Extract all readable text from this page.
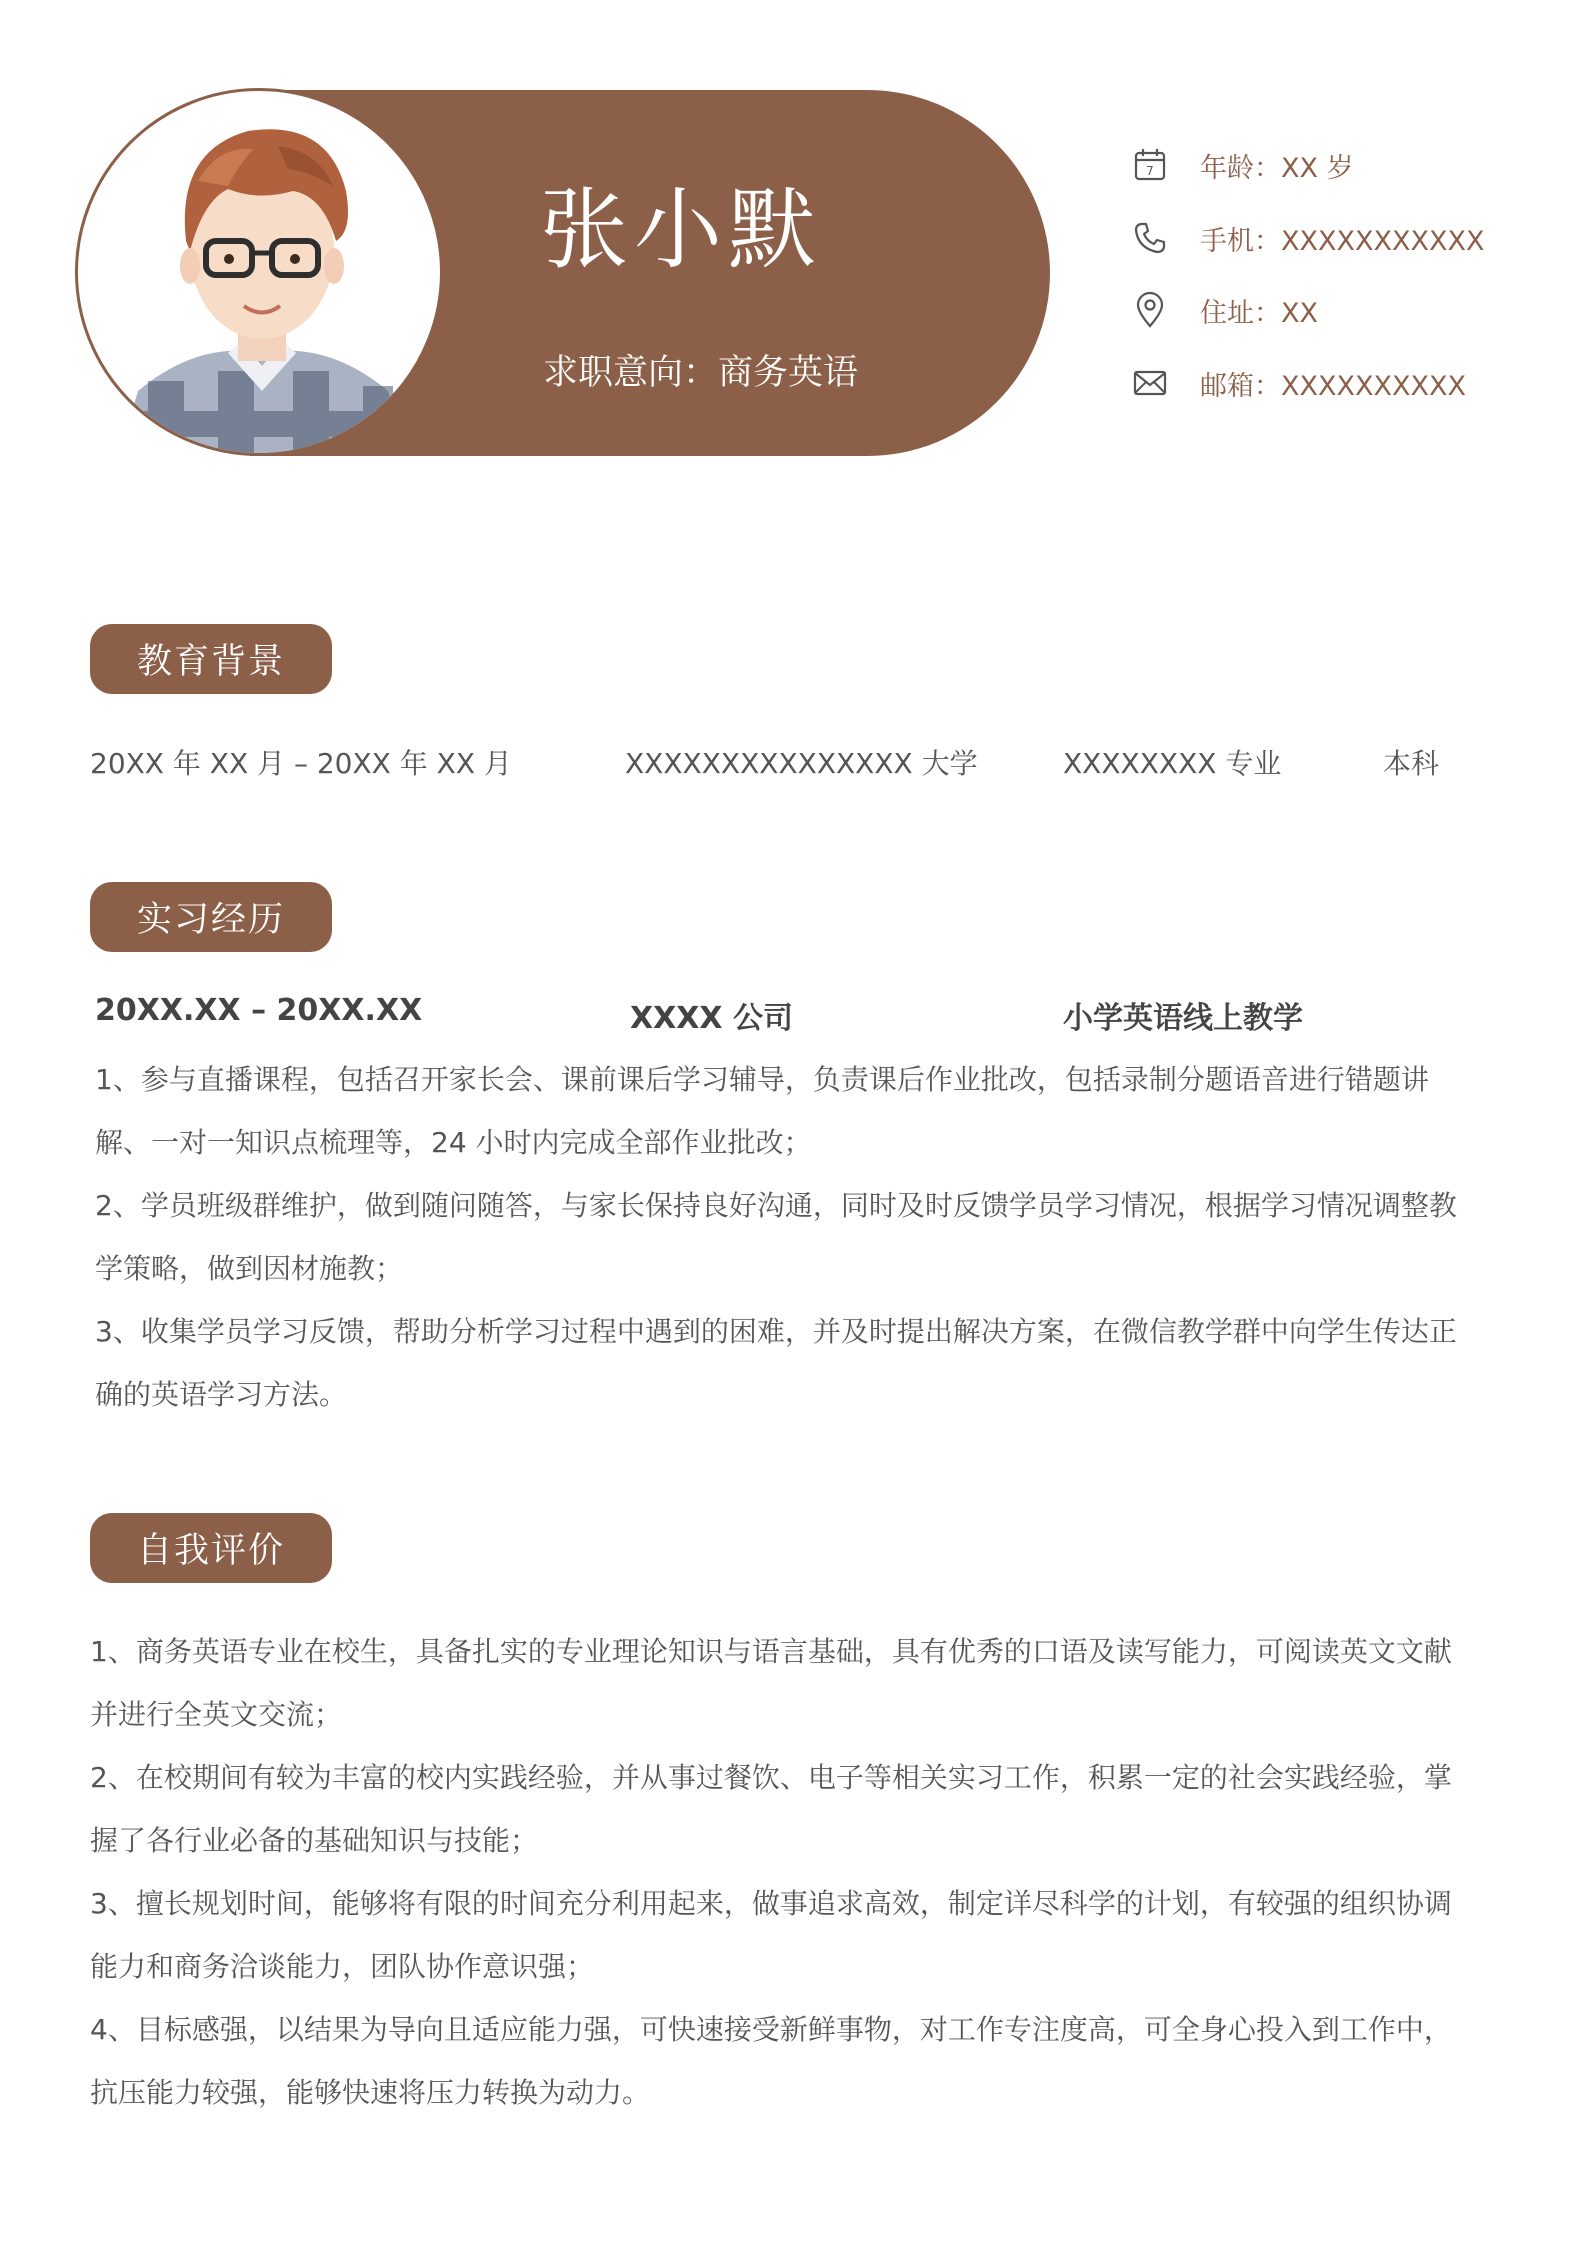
张小默
求职意向：商务英语
7 年龄：XX 岁
手机：XXXXXXXXXXX
住址：XX
邮箱：XXXXXXXXXX
教育背景
20XX 年 XX 月 – 20XX 年 XX 月	XXXXXXXXXXXXXXX 大学	XXXXXXXX 专业	本科
实习经历
20XX.XX – 20XX.XX	XXXX 公司	小学英语线上教学

1、参与直播课程，包括召开家长会、课前课后学习辅导，负责课后作业批改，包括录制分题语音进行错题讲解、一对一知识点梳理等，24 小时内完成全部作业批改；

2、学员班级群维护，做到随问随答，与家长保持良好沟通，同时及时反馈学员学习情况，根据学习情况调整教学策略，做到因材施教；

3、收集学员学习反馈，帮助分析学习过程中遇到的困难，并及时提出解决方案，在微信教学群中向学生传达正确的英语学习方法。

自我评价

1、商务英语专业在校生，具备扎实的专业理论知识与语言基础，具有优秀的口语及读写能力，可阅读英文文献并进行全英文交流；

2、在校期间有较为丰富的校内实践经验，并从事过餐饮、电子等相关实习工作，积累一定的社会实践经验，掌握了各行业必备的基础知识与技能；

3、擅长规划时间，能够将有限的时间充分利用起来，做事追求高效，制定详尽科学的计划，有较强的组织协调能力和商务洽谈能力，团队协作意识强；

4、目标感强，以结果为导向且适应能力强，可快速接受新鲜事物，对工作专注度高，可全身心投入到工作中，抗压能力较强，能够快速将压力转换为动力。
